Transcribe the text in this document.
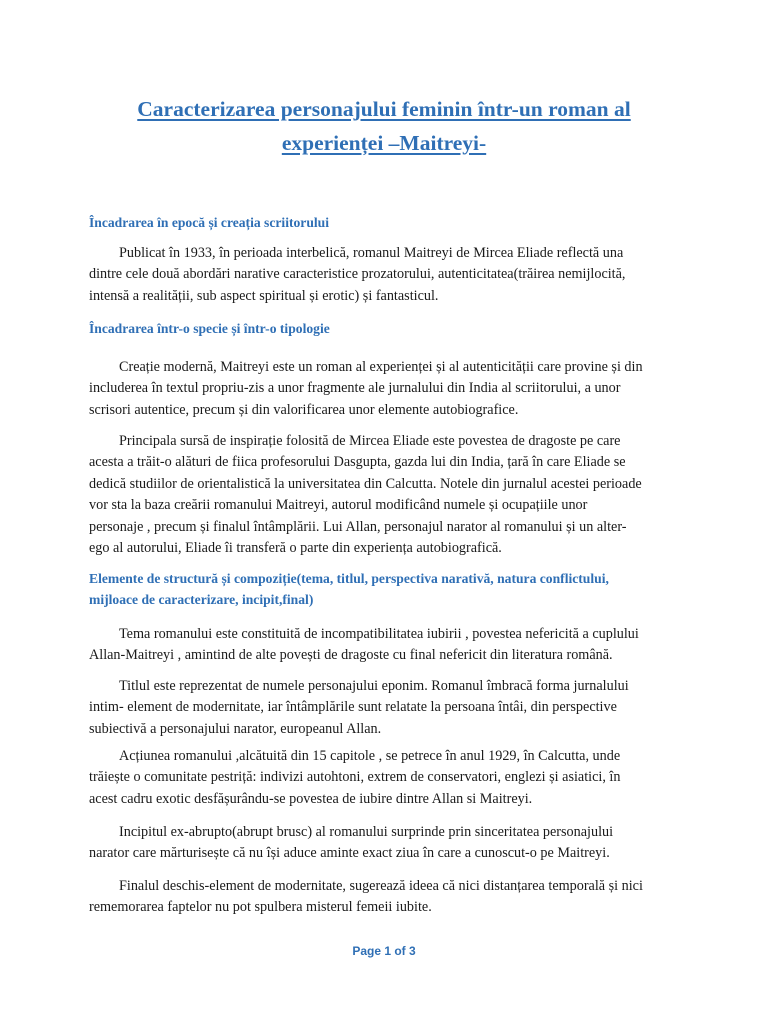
Caracterizarea personajului feminin într-un roman al
experienței –Maitreyi-
Încadrarea în epocă și creația scriitorului
Publicat în 1933, în perioada interbelică, romanul Maitreyi de Mircea Eliade reflectă una
dintre cele două abordări narative caracteristice prozatorului, autenticitatea(trăirea nemijlocită,
intensă a realității, sub aspect spiritual și erotic) și fantasticul.
Încadrarea într-o specie și într-o tipologie
Creație modernă, Maitreyi este un roman al experienței și al autenticității care provine și din
includerea în textul propriu-zis a unor fragmente ale jurnalului din India al scriitorului, a unor
scrisori autentice, precum și din valorificarea unor elemente autobiografice.
Principala sursă de inspirație folosită de Mircea Eliade este povestea de dragoste pe care
acesta a trăit-o alături de fiica profesorului Dasgupta, gazda lui din India, țară în care Eliade se
dedică studiilor de orientalistică la universitatea din Calcutta. Notele din jurnalul acestei perioade
vor sta la baza creării romanului Maitreyi, autorul modificând numele și ocupațiile unor
personaje , precum și finalul întâmplării. Lui Allan, personajul narator al romanului și un alter-
ego al autorului, Eliade îi transferă o parte din experiența autobiografică.
Elemente de structură și compoziție(tema, titlul, perspectiva narativă, natura conflictului,
mijloace de caracterizare, incipit,final)
Tema romanului este constituită de incompatibilitatea iubirii , povestea nefericită a cuplului
Allan-Maitreyi , amintind de alte povești de dragoste cu final nefericit din literatura română.
Titlul este reprezentat de numele personajului eponim. Romanul îmbracă forma jurnalului
intim- element de modernitate, iar întâmplările sunt relatate la persoana întâi, din perspective
subiectivă a personajului narator, europeanul Allan.
Acțiunea romanului ,alcătuită din 15 capitole , se petrece în anul 1929, în Calcutta, unde
trăiește o comunitate pestriță: indivizi autohtoni, extrem de conservatori, englezi și asiatici, în
acest cadru exotic desfășurându-se povestea de iubire dintre Allan si Maitreyi.
Incipitul ex-abrupto(abrupt brusc) al romanului surprinde prin sinceritatea personajului
narator care mărturisește că nu își aduce aminte exact ziua în care a cunoscut-o pe Maitreyi.
Finalul deschis-element de modernitate, sugerează ideea că nici distanțarea temporală și nici
rememorarea faptelor nu pot spulbera misterul femeii iubite.
Page 1 of 3
